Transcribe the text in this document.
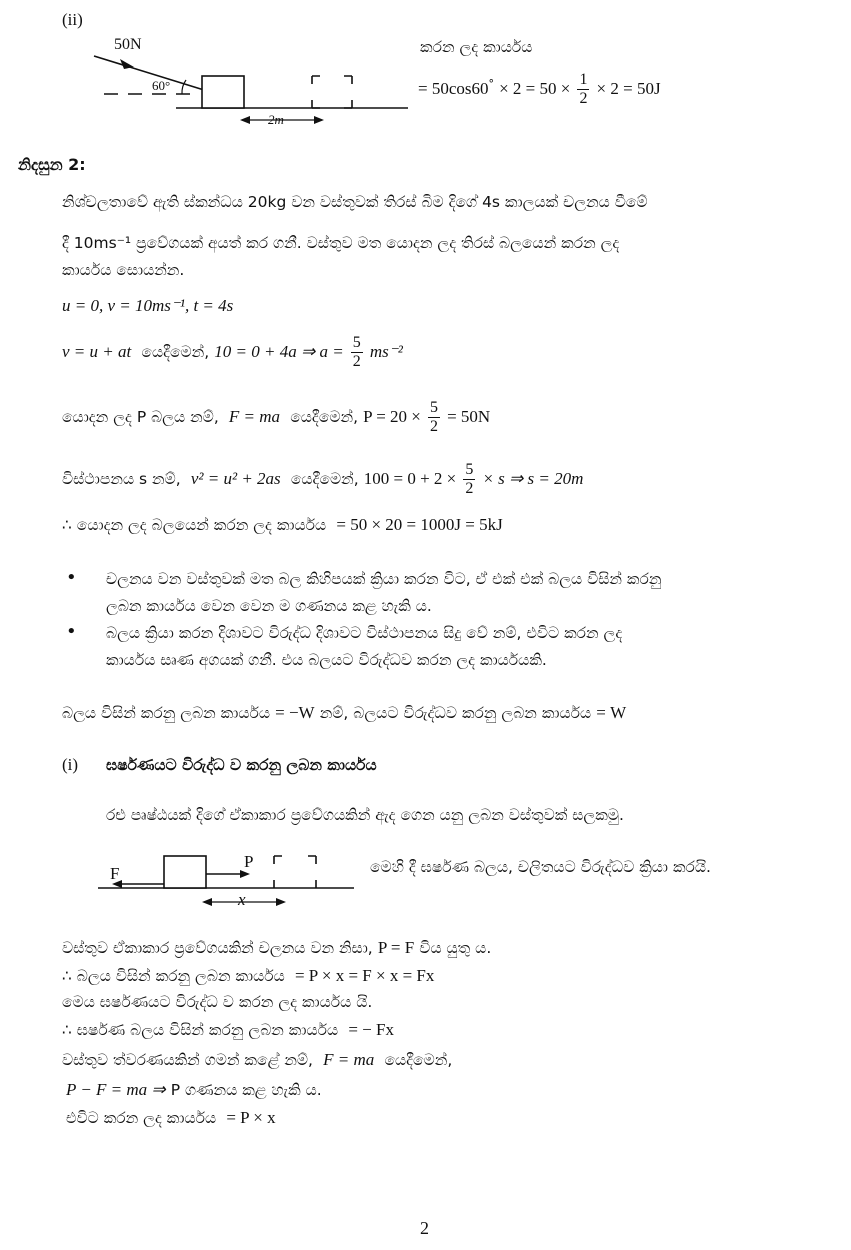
(ii)
50N
60°
2m
කරන ලද කාර්යය
= $50\cos 60^\circ \times 2 = 50 \times \frac{1}{2} \times 2 = 50J$
නිදසුන 2:
නිශ්චලතාවේ ඇති ස්කන්ධය 20kg වන වස්තුවක් තිරස් බිම දිගේ 4s කාලයක් චලනය වීමේ
දී 10ms⁻¹ ප්‍රවේගයක් අයත් කර ගනී. වස්තුව මත යොදන ලද තිරස් බලයෙන් කරන ලද
කාර්යය සොයන්න.
u = 0, v = 10ms⁻¹, t = 4s
v = u + at යෙදීමෙන්, 10 = 0 + 4a ⇒ $a = \frac{5}{2} ms^{-2}$
යොදන ලද P බලය නම්, F = ma යෙදීමෙන්, $P = 20 \times \frac{5}{2} = 50N$
විස්ථාපනය s නම්, v² = u² + 2as යෙදීමෙන්, $100 = 0 + 2 \times \frac{5}{2} \times s$ ⇒ s = 20m
∴ යොදන ලද බලයෙන් කරන ලද කාර්යය = 50 × 20 = 1000J = 5kJ
• චලනය වන වස්තුවක් මත බල කිහිපයක් ක්‍රියා කරන විට, ඒ එක් එක් බලය විසින් කරනු
ලබන කාර්යය වෙන වෙන ම ගණනය කළ හැකි ය.
• බලය ක්‍රියා කරන දිශාවට විරුද්ධ දිශාවට විස්ථාපනය සිදු වේ නම්, එවිට කරන ලද
කාර්යය සෘණ අගයක් ගනී. එය බලයට විරුද්ධව කරන ලද කාර්යයකි.
බලය විසින් කරනු ලබන කාර්යය = −W නම්, බලයට විරුද්ධව කරනු ලබන කාර්යය = W
(i) ඝර්ෂණයට විරුද්ධ ව කරනු ලබන කාර්යය
රළු පෘෂ්ඨයක් දිගේ ඒකාකාර ප්‍රවේගයකින් ඇද ගෙන යනු ලබන වස්තුවක් සලකමු.
F
P
x
මෙහි දී ඝර්ෂණ බලය, චලිතයට විරුද්ධව ක්‍රියා කරයි.
වස්තුව ඒකාකාර ප්‍රවේගයකින් චලනය වන නිසා, P = F විය යුතු ය.
∴ බලය විසින් කරනු ලබන කාර්යය = P × x = F × x = Fx
මෙය ඝර්ෂණයට විරුද්ධ ව කරන ලද කාර්යය යි.
∴ ඝර්ෂණ බලය විසින් කරනු ලබන කාර්යය = − Fx
වස්තුව ත්වරණයකින් ගමන් කළේ නම්, F = ma යෙදීමෙන්,
P − F = ma ⇒ P ගණනය කළ හැකි ය.
එවිට කරන ලද කාර්යය = P × x
2
